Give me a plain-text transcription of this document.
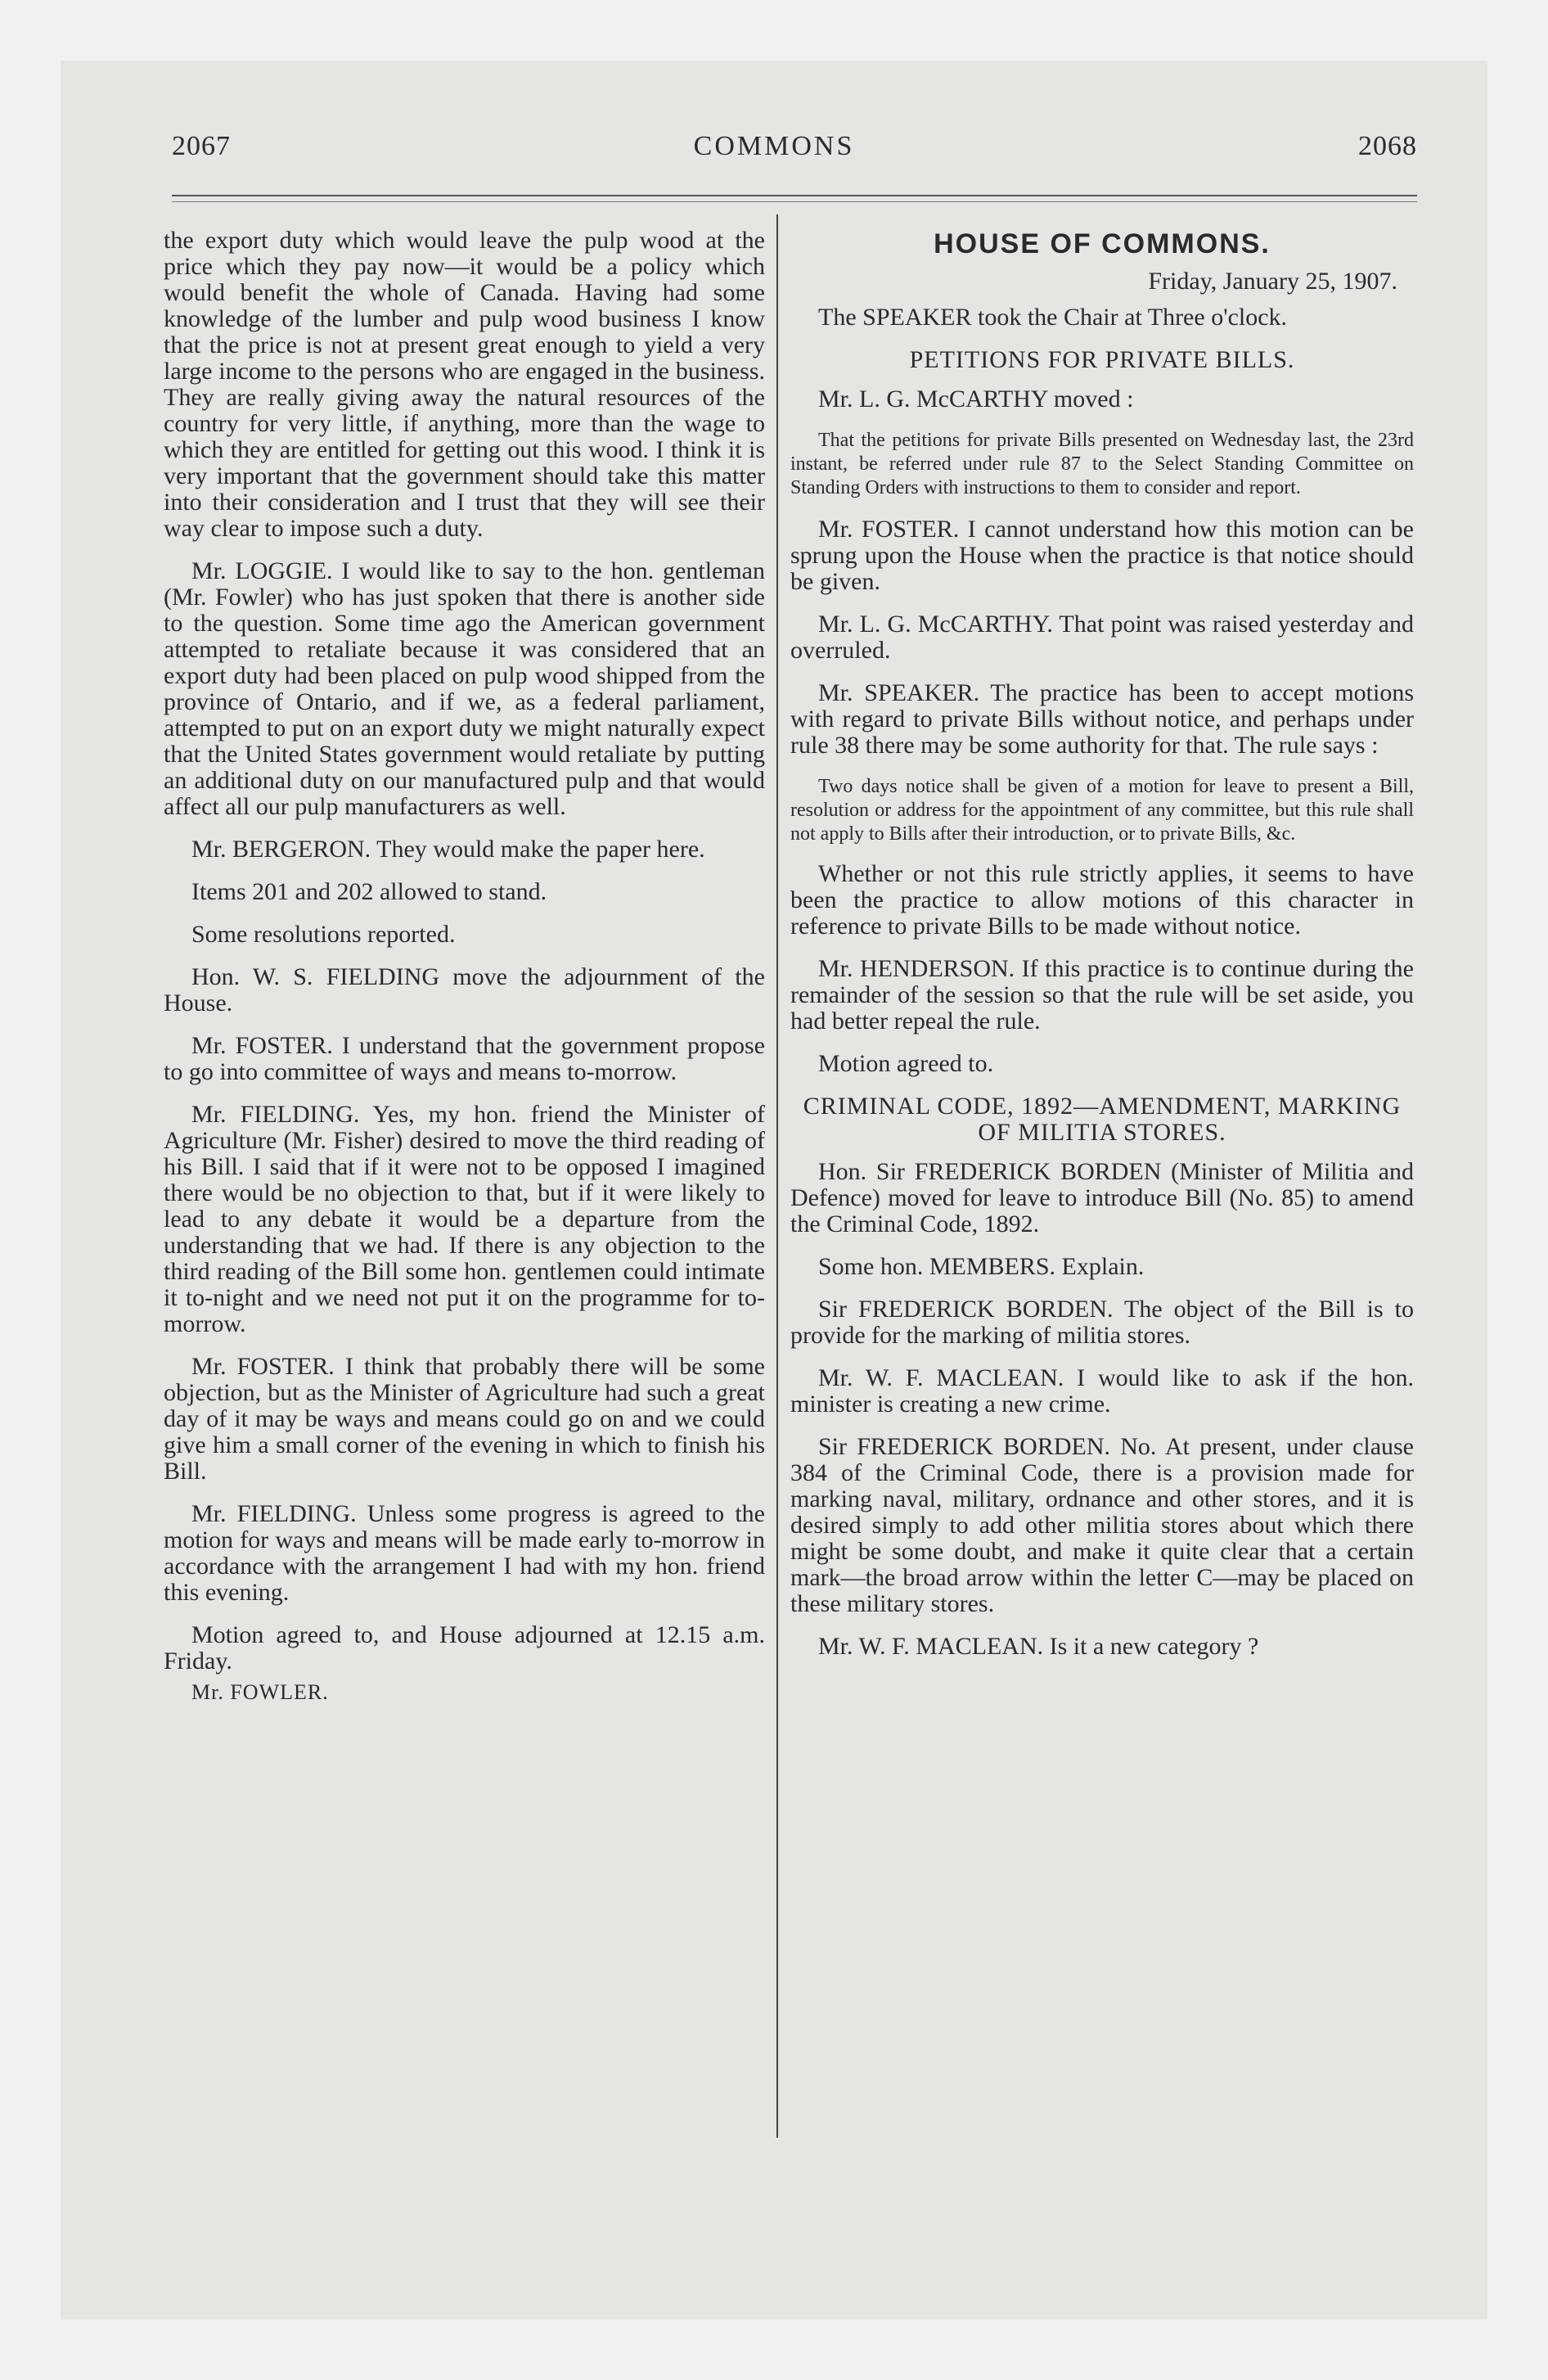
2067	COMMONS	2068

the export duty which would leave the pulp wood at the price which they pay now—it would be a policy which would benefit the whole of Canada. Having had some knowledge of the lumber and pulp wood business I know that the price is not at present great enough to yield a very large income to the persons who are engaged in the business. They are really giving away the natural resources of the country for very little, if anything, more than the wage to which they are entitled for getting out this wood. I think it is very important that the government should take this matter into their consideration and I trust that they will see their way clear to impose such a duty.

Mr. LOGGIE. I would like to say to the hon. gentleman (Mr. Fowler) who has just spoken that there is another side to the question. Some time ago the American government attempted to retaliate because it was considered that an export duty had been placed on pulp wood shipped from the province of Ontario, and if we, as a federal parliament, attempted to put on an export duty we might naturally expect that the United States government would retaliate by putting an additional duty on our manufactured pulp and that would affect all our pulp manufacturers as well.

Mr. BERGERON. They would make the paper here.

Items 201 and 202 allowed to stand.

Some resolutions reported.

Hon. W. S. FIELDING move the adjournment of the House.

Mr. FOSTER. I understand that the government propose to go into committee of ways and means to-morrow.

Mr. FIELDING. Yes, my hon. friend the Minister of Agriculture (Mr. Fisher) desired to move the third reading of his Bill. I said that if it were not to be opposed I imagined there would be no objection to that, but if it were likely to lead to any debate it would be a departure from the understanding that we had. If there is any objection to the third reading of the Bill some hon. gentlemen could intimate it to-night and we need not put it on the programme for to-morrow.

Mr. FOSTER. I think that probably there will be some objection, but as the Minister of Agriculture had such a great day of it may be ways and means could go on and we could give him a small corner of the evening in which to finish his Bill.

Mr. FIELDING. Unless some progress is agreed to the motion for ways and means will be made early to-morrow in accordance with the arrangement I had with my hon. friend this evening.

Motion agreed to, and House adjourned at 12.15 a.m. Friday.

Mr. FOWLER.

HOUSE OF COMMONS.

Friday, January 25, 1907.

The SPEAKER took the Chair at Three o'clock.

PETITIONS FOR PRIVATE BILLS.

Mr. L. G. McCARTHY moved :

That the petitions for private Bills presented on Wednesday last, the 23rd instant, be referred under rule 87 to the Select Standing Committee on Standing Orders with instructions to them to consider and report.

Mr. FOSTER. I cannot understand how this motion can be sprung upon the House when the practice is that notice should be given.

Mr. L. G. McCARTHY. That point was raised yesterday and overruled.

Mr. SPEAKER. The practice has been to accept motions with regard to private Bills without notice, and perhaps under rule 38 there may be some authority for that. The rule says :

Two days notice shall be given of a motion for leave to present a Bill, resolution or address for the appointment of any committee, but this rule shall not apply to Bills after their introduction, or to private Bills, &c.

Whether or not this rule strictly applies, it seems to have been the practice to allow motions of this character in reference to private Bills to be made without notice.

Mr. HENDERSON. If this practice is to continue during the remainder of the session so that the rule will be set aside, you had better repeal the rule.

Motion agreed to.

CRIMINAL CODE, 1892—AMENDMENT, MARKING OF MILITIA STORES.

Hon. Sir FREDERICK BORDEN (Minister of Militia and Defence) moved for leave to introduce Bill (No. 85) to amend the Criminal Code, 1892.

Some hon. MEMBERS. Explain.

Sir FREDERICK BORDEN. The object of the Bill is to provide for the marking of militia stores.

Mr. W. F. MACLEAN. I would like to ask if the hon. minister is creating a new crime.

Sir FREDERICK BORDEN. No. At present, under clause 384 of the Criminal Code, there is a provision made for marking naval, military, ordnance and other stores, and it is desired simply to add other militia stores about which there might be some doubt, and make it quite clear that a certain mark—the broad arrow within the letter C—may be placed on these military stores.

Mr. W. F. MACLEAN. Is it a new category ?
